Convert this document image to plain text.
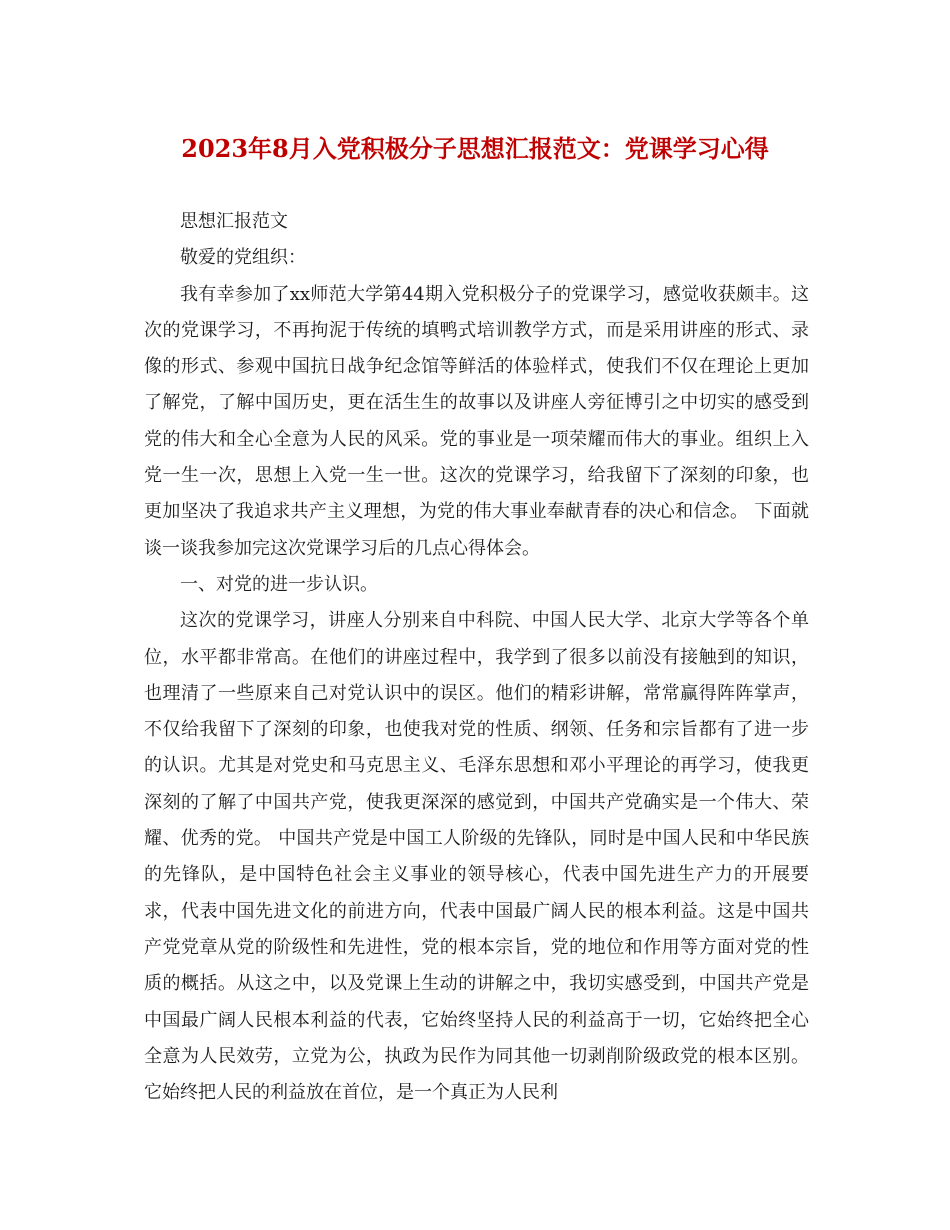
2023年8月入党积极分子思想汇报范文：党课学习心得

思想汇报范文

敬爱的党组织：

我有幸参加了xx师范大学第44期入党积极分子的党课学习，感觉收获颇丰。这次的党课学习，不再拘泥于传统的填鸭式培训教学方式，而是采用讲座的形式、录像的形式、参观中国抗日战争纪念馆等鲜活的体验样式，使我们不仅在理论上更加了解党，了解中国历史，更在活生生的故事以及讲座人旁征博引之中切实的感受到党的伟大和全心全意为人民的风采。党的事业是一项荣耀而伟大的事业。组织上入党一生一次，思想上入党一生一世。这次的党课学习，给我留下了深刻的印象，也更加坚决了我追求共产主义理想，为党的伟大事业奉献青春的决心和信念。 下面就谈一谈我参加完这次党课学习后的几点心得体会。

一、对党的进一步认识。

这次的党课学习，讲座人分别来自中科院、中国人民大学、北京大学等各个单位，水平都非常高。在他们的讲座过程中，我学到了很多以前没有接触到的知识，也理清了一些原来自己对党认识中的误区。他们的精彩讲解，常常赢得阵阵掌声，不仅给我留下了深刻的印象，也使我对党的性质、纲领、任务和宗旨都有了进一步的认识。尤其是对党史和马克思主义、毛泽东思想和邓小平理论的再学习，使我更深刻的了解了中国共产党，使我更深深的感觉到，中国共产党确实是一个伟大、荣耀、优秀的党。 中国共产党是中国工人阶级的先锋队，同时是中国人民和中华民族的先锋队，是中国特色社会主义事业的领导核心，代表中国先进生产力的开展要求，代表中国先进文化的前进方向，代表中国最广阔人民的根本利益。这是中国共产党党章从党的阶级性和先进性，党的根本宗旨，党的地位和作用等方面对党的性质的概括。从这之中，以及党课上生动的讲解之中，我切实感受到，中国共产党是中国最广阔人民根本利益的代表，它始终坚持人民的利益高于一切，它始终把全心全意为人民效劳，立党为公，执政为民作为同其他一切剥削阶级政党的根本区别。它始终把人民的利益放在首位，是一个真正为人民利
